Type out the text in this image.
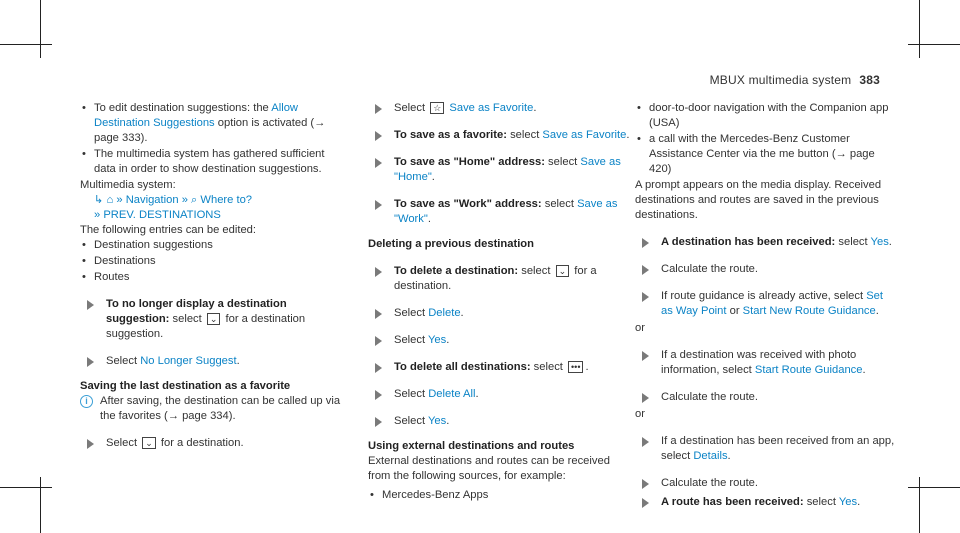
MBUX multimedia system 383
• To edit destination suggestions: the Allow Destination Suggestions option is activated (→ page 333).
• The multimedia system has gathered sufficient data in order to show destination suggestions.
Multimedia system:
↳ ⌂ » Navigation » ⌕ Where to?
» PREV. DESTINATIONS
The following entries can be edited:
• Destination suggestions
• Destinations
• Routes
To no longer display a destination suggestion: select ⌄ for a destination suggestion.
Select No Longer Suggest.
Saving the last destination as a favorite
i	After saving, the destination can be called up via the favorites (→ page 334).
Select ⌄ for a destination.
Select ☆ Save as Favorite.
To save as a favorite: select Save as Favorite.
To save as "Home" address: select Save as "Home".
To save as "Work" address: select Save as "Work".
Deleting a previous destination
To delete a destination: select ⌄ for a destination.
Select Delete.
Select Yes.
To delete all destinations: select ••• .
Select Delete All.
Select Yes.
Using external destinations and routes
External destinations and routes can be received from the following sources, for example:
• Mercedes-Benz Apps
• door-to-door navigation with the Companion app (USA)
• a call with the Mercedes-Benz Customer Assistance Center via the me button (→ page 420)
A prompt appears on the media display. Received destinations and routes are saved in the previous destinations.
A destination has been received: select Yes.
Calculate the route.
If route guidance is already active, select Set as Way Point or Start New Route Guidance.
or
If a destination was received with photo information, select Start Route Guidance.
Calculate the route.
or
If a destination has been received from an app, select Details.
Calculate the route.
A route has been received: select Yes.
